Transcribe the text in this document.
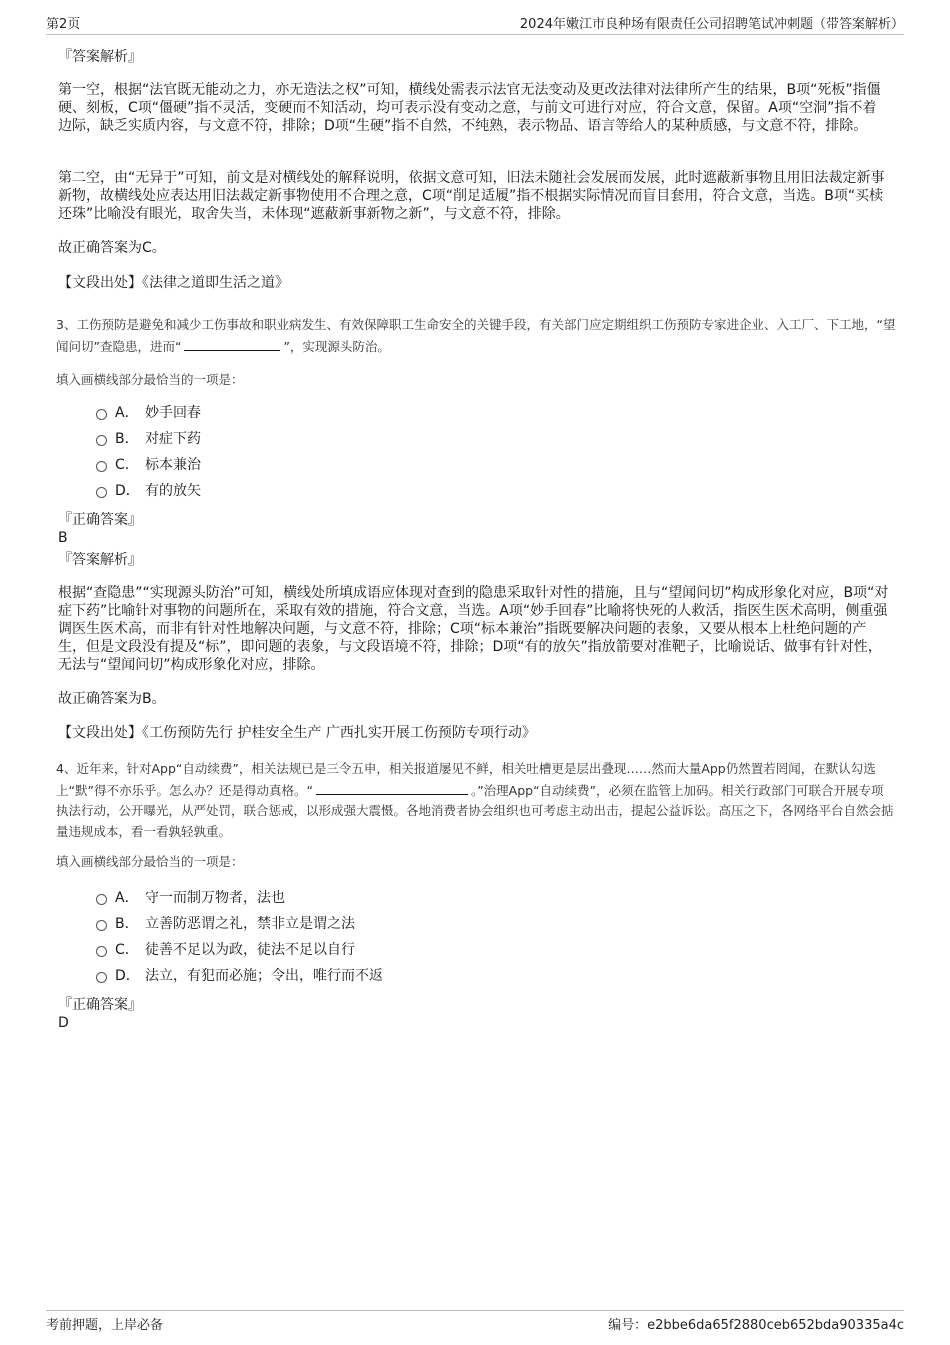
第2页	2024年嫩江市良种场有限责任公司招聘笔试冲刺题（带答案解析）
『答案解析』
第一空，根据“法官既无能动之力，亦无造法之权”可知，横线处需表示法官无法变动及更改法律对法律所产生的结果，B项“死板”指僵硬、刻板，C项“僵硬”指不灵活，变硬而不知活动，均可表示没有变动之意，与前文可进行对应，符合文意，保留。A项“空洞”指不着边际，缺乏实质内容，与文意不符，排除；D项“生硬”指不自然，不纯熟，表示物品、语言等给人的某种质感，与文意不符，排除。
第二空，由“无异于”可知，前文是对横线处的解释说明，依据文意可知，旧法未随社会发展而发展，此时遮蔽新事物且用旧法裁定新事新物，故横线处应表达用旧法裁定新事物使用不合理之意，C项“削足适履”指不根据实际情况而盲目套用，符合文意，当选。B项“买椟还珠”比喻没有眼光，取舍失当，未体现“遮蔽新事新物之新”，与文意不符，排除。
故正确答案为C。
【文段出处】《法律之道即生活之道》
3、工伤预防是避免和减少工伤事故和职业病发生、有效保障职工生命安全的关键手段，有关部门应定期组织工伤预防专家进企业、入工厂、下工地，“望闻问切”查隐患，进而“	”，实现源头防治。
填入画横线部分最恰当的一项是：
A． 妙手回春
B． 对症下药
C． 标本兼治
D． 有的放矢
『正确答案』
B
『答案解析』
根据“查隐患”“实现源头防治”可知，横线处所填成语应体现对查到的隐患采取针对性的措施，且与“望闻问切”构成形象化对应，B项“对症下药”比喻针对事物的问题所在，采取有效的措施，符合文意，当选。A项“妙手回春”比喻将快死的人救活，指医生医术高明，侧重强调医生医术高，而非有针对性地解决问题，与文意不符，排除；C项“标本兼治”指既要解决问题的表象，又要从根本上杜绝问题的产生，但是文段没有提及“标”，即问题的表象，与文段语境不符，排除；D项“有的放矢”指放箭要对准靶子，比喻说话、做事有针对性，无法与“望闻问切”构成形象化对应，排除。
故正确答案为B。
【文段出处】《工伤预防先行 护桂安全生产 广西扎实开展工伤预防专项行动》
4、近年来，针对App“自动续费”，相关法规已是三令五申，相关报道屡见不鲜，相关吐槽更是层出叠现……然而大量App仍然置若罔闻，在默认勾选上“默”得不亦乐乎。怎么办？还是得动真格。“	。”治理App“自动续费”，必须在监管上加码。相关行政部门可联合开展专项执法行动，公开曝光，从严处罚，联合惩戒，以形成强大震慑。各地消费者协会组织也可考虑主动出击，提起公益诉讼。高压之下，各网络平台自然会掂量违规成本，看一看孰轻孰重。
填入画横线部分最恰当的一项是：
A． 守一而制万物者，法也
B． 立善防恶谓之礼，禁非立是谓之法
C． 徒善不足以为政，徒法不足以自行
D． 法立，有犯而必施；令出，唯行而不返
『正确答案』
D
考前押题，上岸必备	编号：e2bbe6da65f2880ceb652bda90335a4c
